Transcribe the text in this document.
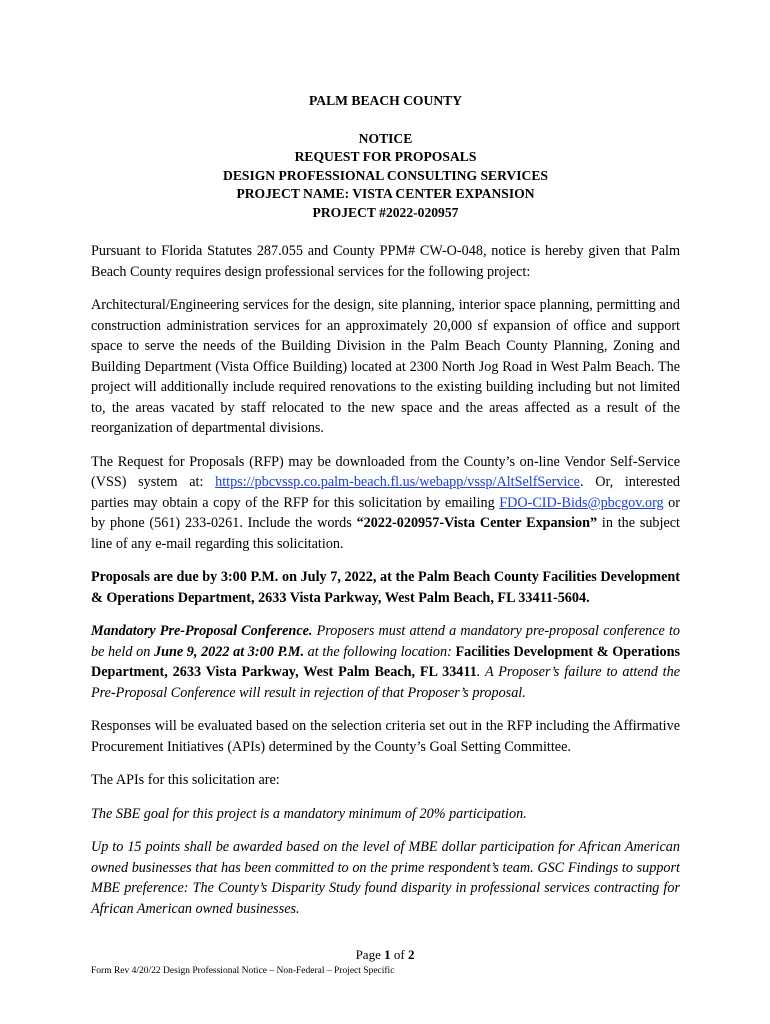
PALM BEACH COUNTY
NOTICE
REQUEST FOR PROPOSALS
DESIGN PROFESSIONAL CONSULTING SERVICES
PROJECT NAME: VISTA CENTER EXPANSION
PROJECT #2022-020957

Pursuant to Florida Statutes 287.055 and County PPM# CW-O-048, notice is hereby given that Palm Beach County requires design professional services for the following project:

Architectural/Engineering services for the design, site planning, interior space planning, permitting and construction administration services for an approximately 20,000 sf expansion of office and support space to serve the needs of the Building Division in the Palm Beach County Planning, Zoning and Building Department (Vista Office Building) located at 2300 North Jog Road in West Palm Beach. The project will additionally include required renovations to the existing building including but not limited to, the areas vacated by staff relocated to the new space and the areas affected as a result of the reorganization of departmental divisions.

The Request for Proposals (RFP) may be downloaded from the County’s on-line Vendor Self-Service (VSS) system at: https://pbcvssp.co.palm-beach.fl.us/webapp/vssp/AltSelfService. Or, interested parties may obtain a copy of the RFP for this solicitation by emailing FDO-CID-Bids@pbcgov.org or by phone (561) 233-0261. Include the words “2022-020957-Vista Center Expansion” in the subject line of any e-mail regarding this solicitation.

Proposals are due by 3:00 P.M. on July 7, 2022, at the Palm Beach County Facilities Development & Operations Department, 2633 Vista Parkway, West Palm Beach, FL 33411-5604.

Mandatory Pre-Proposal Conference. Proposers must attend a mandatory pre-proposal conference to be held on June 9, 2022 at 3:00 P.M. at the following location: Facilities Development & Operations Department, 2633 Vista Parkway, West Palm Beach, FL 33411. A Proposer’s failure to attend the Pre-Proposal Conference will result in rejection of that Proposer’s proposal.

Responses will be evaluated based on the selection criteria set out in the RFP including the Affirmative Procurement Initiatives (APIs) determined by the County’s Goal Setting Committee.

The APIs for this solicitation are:

The SBE goal for this project is a mandatory minimum of 20% participation.

Up to 15 points shall be awarded based on the level of MBE dollar participation for African American owned businesses that has been committed to on the prime respondent’s team. GSC Findings to support MBE preference: The County’s Disparity Study found disparity in professional services contracting for African American owned businesses.

Page 1 of 2
Form Rev 4/20/22 Design Professional Notice – Non-Federal – Project Specific
